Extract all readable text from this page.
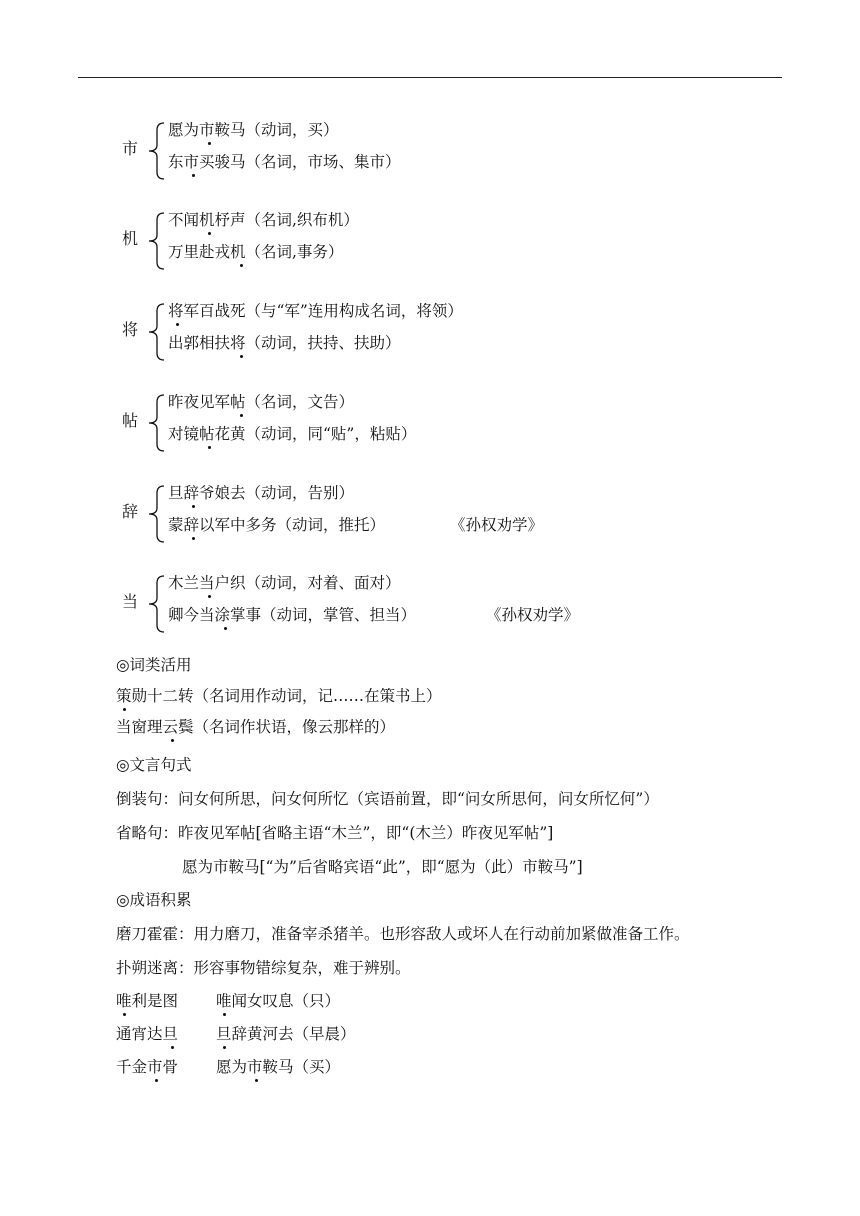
市
愿为市鞍马（动词，买）
东市买骏马（名词，市场、集市）
机
不闻机杼声（名词,织布机）
万里赴戎机（名词,事务）
将
将军百战死（与“军”连用构成名词，将领）
出郭相扶将（动词，扶持、扶助）
帖
昨夜见军帖（名词，文告）
对镜帖花黄（动词，同“贴”，粘贴）
辞
旦辞爷娘去（动词，告别）
蒙辞以军中多务（动词，推托）	《孙权劝学》
当
木兰当户织（动词，对着、面对）
卿今当涂掌事（动词，掌管、担当）	《孙权劝学》
◎词类活用
策勋十二转（名词用作动词，记……在策书上）
当窗理云鬓（名词作状语，像云那样的）
◎文言句式
倒装句：问女何所思，问女何所忆（宾语前置，即“问女所思何，问女所忆何”）
省略句：昨夜见军帖[省略主语“木兰”，即“(木兰）昨夜见军帖”]
愿为市鞍马[“为”后省略宾语“此”，即“愿为（此）市鞍马”]
◎成语积累
磨刀霍霍：用力磨刀，准备宰杀猪羊。也形容敌人或坏人在行动前加紧做准备工作。
扑朔迷离：形容事物错综复杂，难于辨别。
唯利是图 唯闻女叹息（只）
通宵达旦 旦辞黄河去（早晨）
千金市骨 愿为市鞍马（买）
